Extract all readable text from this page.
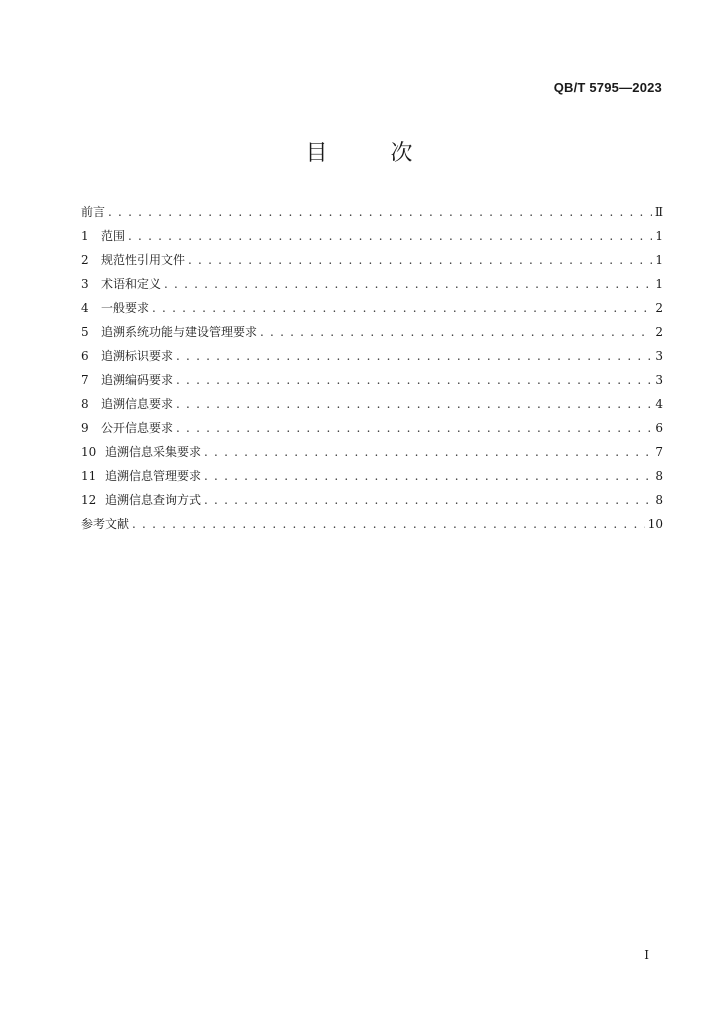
QB/T 5795—2023
目 次
前言 . . .	Ⅱ
1	范围 . . .	1
2	规范性引用文件 . . .	1
3	术语和定义 . . .	1
4	一般要求 . . .	2
5	追溯系统功能与建设管理要求 . . .	2
6	追溯标识要求 . . .	3
7	追溯编码要求 . . .	3
8	追溯信息要求 . . .	4
9	公开信息要求 . . .	6
10 追溯信息采集要求 . . .	7
11 追溯信息管理要求 . . .	8
12 追溯信息查询方式 . . .	8
参考文献 . . .	10
I
